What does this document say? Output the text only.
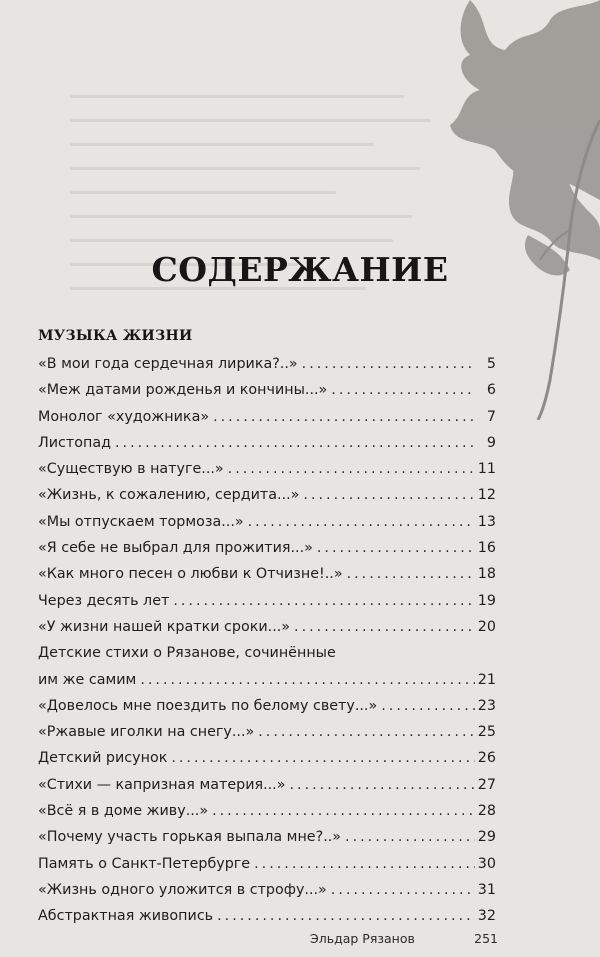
СОДЕРЖАНИЕ
МУЗЫКА ЖИЗНИ
«В мои года сердечная лирика?..» .....	5
«Меж датами рожденья и кончины...» .....	6
Монолог «художника» .....	7
Листопад .....	9
«Существую в натуге...» .....	11
«Жизнь, к сожалению, сердита...» .....	12
«Мы отпускаем тормоза...» .....	13
«Я себе не выбрал для прожития...» .....	16
«Как много песен о любви к Отчизне!..» .....	18
Через десять лет .....	19
«У жизни нашей кратки сроки...» .....	20
Детские стихи о Рязанове, сочинённые
им же самим .....	21
«Довелось мне поездить по белому свету...» .....	23
«Ржавые иголки на снегу...» .....	25
Детский рисунок .....	26
«Стихи — капризная материя...» .....	27
«Всё я в доме живу...» .....	28
«Почему участь горькая выпала мне?..» .....	29
Память о Санкт-Петербурге .....	30
«Жизнь одного уложится в строфу...» .....	31
Абстрактная живопись .....	32
Эльдар Рязанов	251
